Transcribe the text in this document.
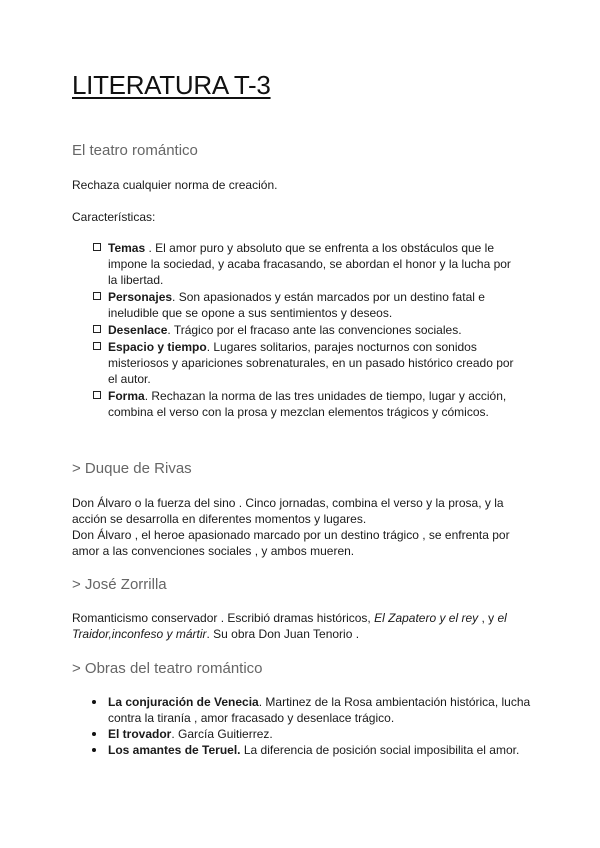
LITERATURA T-3
El teatro romántico
Rechaza cualquier norma de creación.
Características:
Temas . El amor puro y absoluto que se enfrenta a los obstáculos que le impone la sociedad, y acaba fracasando, se abordan el honor y la lucha por la libertad.
Personajes. Son apasionados y están marcados por un destino fatal e ineludible que se opone a sus sentimientos y deseos.
Desenlace. Trágico por el fracaso ante las convenciones sociales.
Espacio y tiempo. Lugares solitarios, parajes nocturnos con sonidos misteriosos y apariciones sobrenaturales, en un pasado histórico creado por el autor.
Forma. Rechazan la norma de las tres unidades de tiempo, lugar y acción, combina el verso con la prosa y mezclan elementos trágicos y cómicos.
> Duque de Rivas
Don Álvaro o la fuerza del sino . Cinco jornadas, combina el verso y la prosa, y la acción se desarrolla en diferentes momentos y lugares.
Don Álvaro , el heroe apasionado marcado por un destino trágico , se enfrenta por amor a las convenciones sociales , y ambos mueren.
> José Zorrilla
Romanticismo conservador . Escribió dramas históricos, El Zapatero y el rey , y el Traidor,inconfeso y mártir. Su obra Don Juan Tenorio .
> Obras del teatro romántico
La conjuración de Venecia. Martinez de la Rosa ambientación histórica, lucha contra la tiranía , amor fracasado y desenlace trágico.
El trovador. García Guitierrez.
Los amantes de Teruel. La diferencia de posición social imposibilita el amor.
